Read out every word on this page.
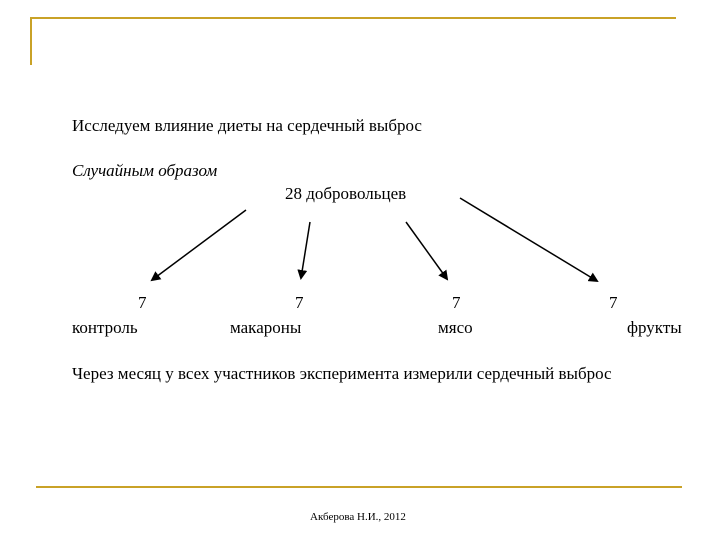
Исследуем влияние диеты на сердечный выброс
Случайным образом
28 добровольцев
7	7	7	7
контроль	макароны	мясо	фрукты
Через месяц у всех участников эксперимента измерили сердечный выброс
Акберова Н.И., 2012
